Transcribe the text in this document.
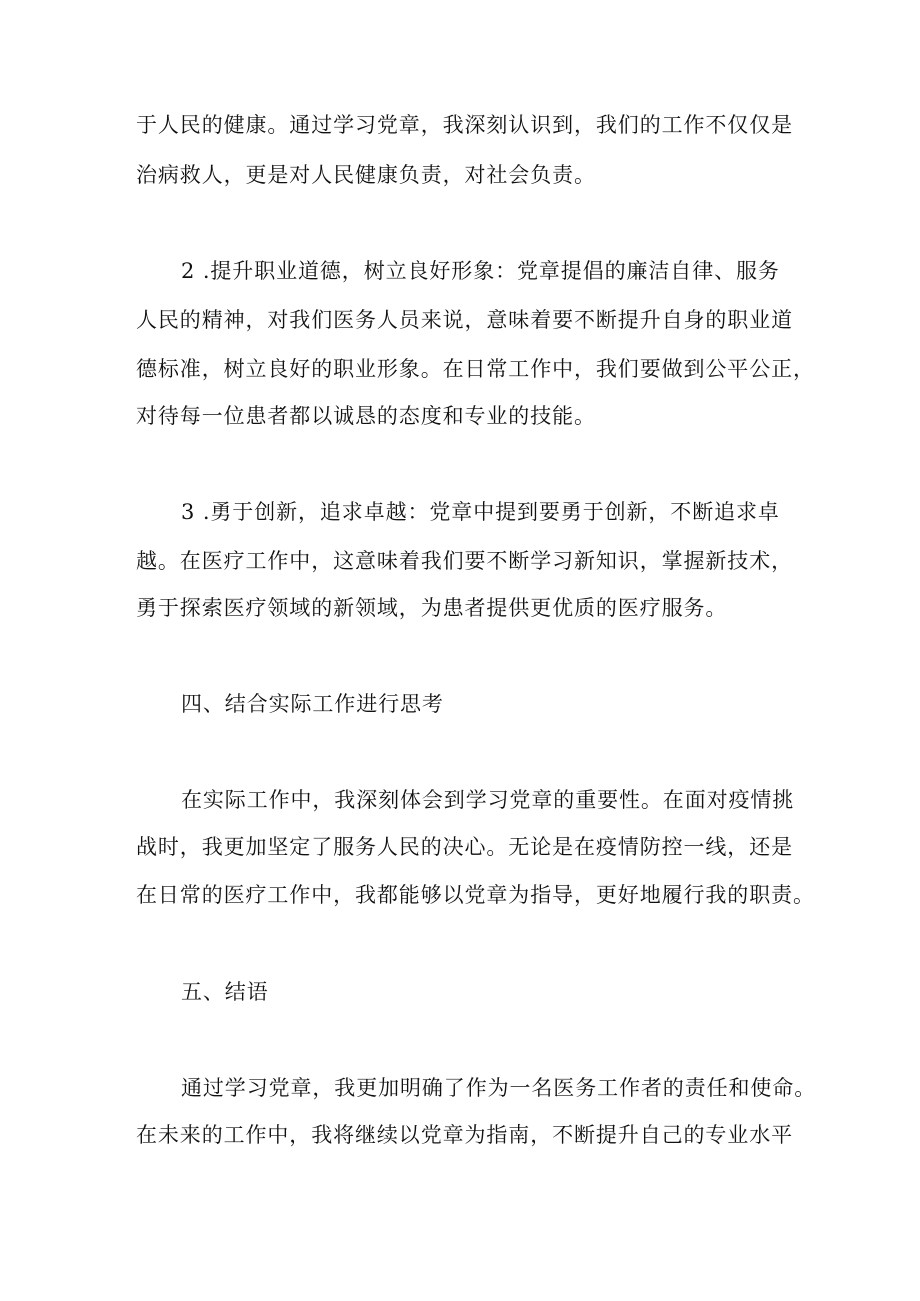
于人民的健康。通过学习党章，我深刻认识到，我们的工作不仅仅是
治病救人，更是对人民健康负责，对社会负责。
2 .提升职业道德，树立良好形象：党章提倡的廉洁自律、服务
人民的精神，对我们医务人员来说，意味着要不断提升自身的职业道
德标准，树立良好的职业形象。在日常工作中，我们要做到公平公正，
对待每一位患者都以诚恳的态度和专业的技能。
3 .勇于创新，追求卓越：党章中提到要勇于创新，不断追求卓
越。在医疗工作中，这意味着我们要不断学习新知识，掌握新技术，
勇于探索医疗领域的新领域，为患者提供更优质的医疗服务。
四、结合实际工作进行思考
在实际工作中，我深刻体会到学习党章的重要性。在面对疫情挑
战时，我更加坚定了服务人民的决心。无论是在疫情防控一线，还是
在日常的医疗工作中，我都能够以党章为指导，更好地履行我的职责。
五、结语
通过学习党章，我更加明确了作为一名医务工作者的责任和使命。
在未来的工作中，我将继续以党章为指南，不断提升自己的专业水平
